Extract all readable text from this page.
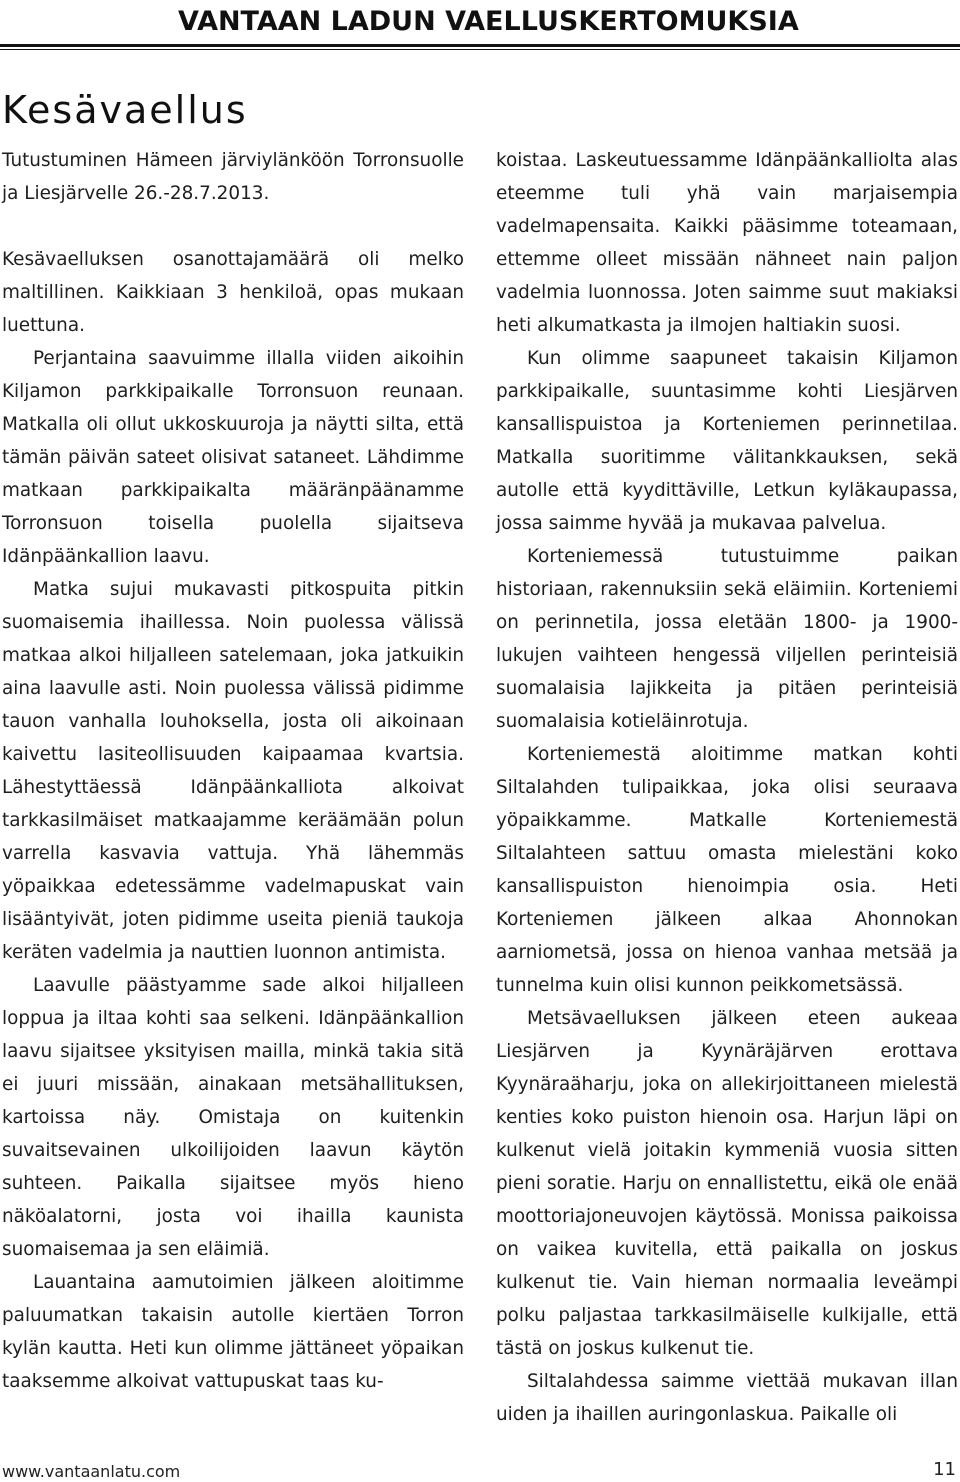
VANTAAN LADUN VAELLUSKERTOMUKSIA
Kesävaellus

Tutustuminen Hämeen järviylänköön Torronsuolle ja Liesjärvelle 26.-28.7.2013.

Kesävaelluksen osanottajamäärä oli melko maltillinen. Kaikkiaan 3 henkiloä, opas mukaan luettuna.

Perjantaina saavuimme illalla viiden aikoihin Kiljamon parkkipaikalle Torronsuon reunaan. Matkalla oli ollut ukkoskuuroja ja näytti silta, että tämän päivän sateet olisivat sataneet. Lähdimme matkaan parkkipaikalta määränpäänamme Torronsuon toisella puolella sijaitseva Idänpäänkallion laavu.

Matka sujui mukavasti pitkospuita pitkin suomaisemia ihaillessa. Noin puolessa välissä matkaa alkoi hiljalleen satelemaan, joka jatkuikin aina laavulle asti. Noin puolessa välissä pidimme tauon vanhalla louhoksella, josta oli aikoinaan kaivettu lasiteollisuuden kaipaamaa kvartsia. Lähestyttäessä Idänpäänkalliota alkoivat tarkkasilmäiset matkaajamme keräämään polun varrella kasvavia vattuja. Yhä lähemmäs yöpaikkaa edetessämme vadelmapuskat vain lisääntyivät, joten pidimme useita pieniä taukoja keräten vadelmia ja nauttien luonnon antimista.

Laavulle päästyamme sade alkoi hiljalleen loppua ja iltaa kohti saa selkeni. Idänpäänkallion laavu sijaitsee yksityisen mailla, minkä takia sitä ei juuri missään, ainakaan metsähallituksen, kartoissa näy. Omistaja on kuitenkin suvaitsevainen ulkoilijoiden laavun käytön suhteen. Paikalla sijaitsee myös hieno näköalatorni, josta voi ihailla kaunista suomaisemaa ja sen eläimiä.

Lauantaina aamutoimien jälkeen aloitimme paluumatkan takaisin autolle kiertäen Torron kylän kautta. Heti kun olimme jättäneet yöpaikan taaksemme alkoivat vattupuskat taas ku-

koistaa. Laskeutuessamme Idänpäänkalliolta alas eteemme tuli yhä vain marjaisempia vadelmapensaita. Kaikki pääsimme toteamaan, ettemme olleet missään nähneet nain paljon vadelmia luonnossa. Joten saimme suut makiaksi heti alkumatkasta ja ilmojen haltiakin suosi.

Kun olimme saapuneet takaisin Kiljamon parkkipaikalle, suuntasimme kohti Liesjärven kansallispuistoa ja Korteniemen perinnetilaa. Matkalla suoritimme välitankkauksen, sekä autolle että kyydittäville, Letkun kyläkaupassa, jossa saimme hyvää ja mukavaa palvelua.

Korteniemessä tutustuimme paikan historiaan, rakennuksiin sekä eläimiin. Korteniemi on perinnetila, jossa eletään 1800- ja 1900-lukujen vaihteen hengessä viljellen perinteisiä suomalaisia lajikkeita ja pitäen perinteisiä suomalaisia kotieläinrotuja.

Korteniemestä aloitimme matkan kohti Siltalahden tulipaikkaa, joka olisi seuraava yöpaikkamme. Matkalle Korteniemestä Siltalahteen sattuu omasta mielestäni koko kansallispuiston hienoimpia osia. Heti Korteniemen jälkeen alkaa Ahonnokan aarniometsä, jossa on hienoa vanhaa metsää ja tunnelma kuin olisi kunnon peikkometsässä.

Metsävaelluksen jälkeen eteen aukeaa Liesjärven ja Kyynäräjärven erottava Kyynäraäharju, joka on allekirjoittaneen mielestä kenties koko puiston hienoin osa. Harjun läpi on kulkenut vielä joitakin kymmeniä vuosia sitten pieni soratie. Harju on ennallistettu, eikä ole enää moottoriajoneuvojen käytössä. Monissa paikoissa on vaikea kuvitella, että paikalla on joskus kulkenut tie. Vain hieman normaalia leveämpi polku paljastaa tarkkasilmäiselle kulkijalle, että tästä on joskus kulkenut tie.

Siltalahdessa saimme viettää mukavan illan uiden ja ihaillen auringonlaskua. Paikalle oli

www.vantaanlatu.com	11
